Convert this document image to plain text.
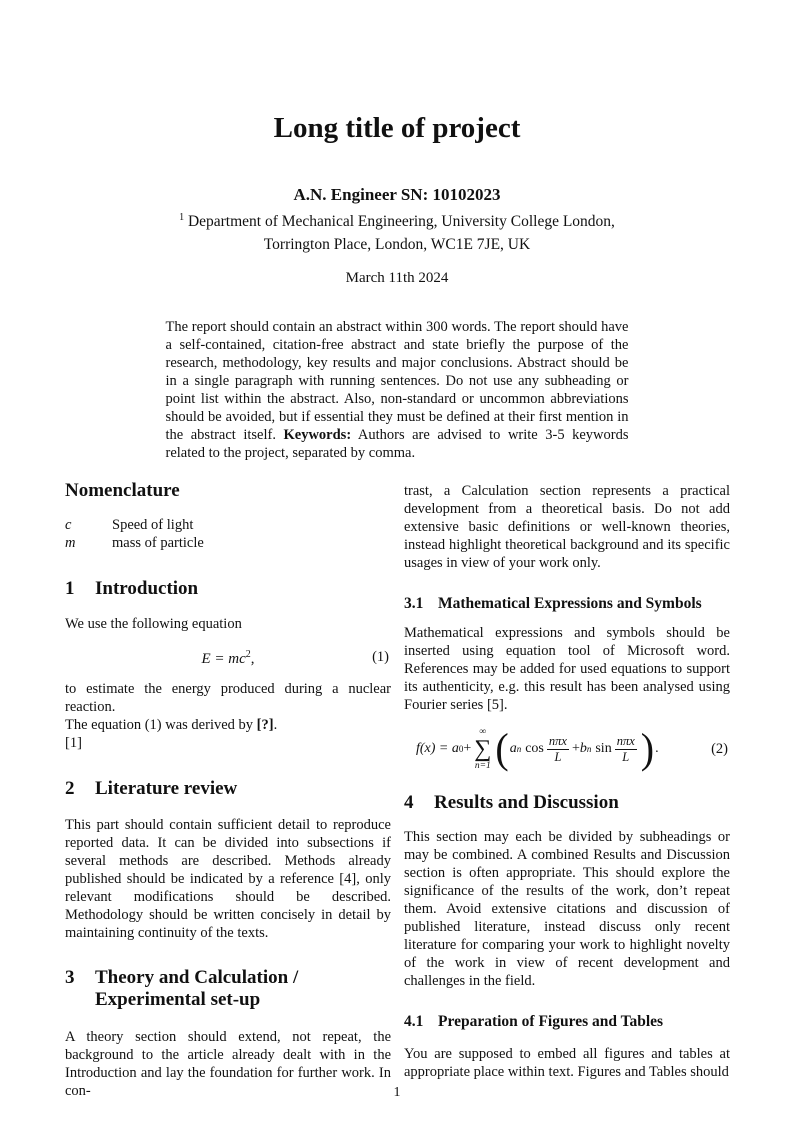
Long title of project
A.N. Engineer SN: 10102023
$^1$ Department of Mechanical Engineering, University College London,
Torrington Place, London, WC1E 7JE, UK
March 11th 2024
The report should contain an abstract within 300 words. The report should have a self-contained, citation-free abstract and state briefly the purpose of the research, methodology, key results and major conclusions. Abstract should be in a single paragraph with running sentences. Do not use any subheading or point list within the abstract. Also, non-standard or uncommon abbreviations should be avoided, but if essential they must be defined at their first mention in the abstract itself. Keywords: Authors are advised to write 3-5 keywords related to the project, separated by comma.
Nomenclature
c	Speed of light
m	mass of particle
1	Introduction
We use the following equation
$E = mc^2$,	(1)
to estimate the energy produced during a nuclear reaction.
The equation (1) was derived by [?].
[1]
2	Literature review
This part should contain sufficient detail to reproduce reported data. It can be divided into subsections if several methods are described. Methods already published should be indicated by a reference [4], only relevant modifications should be described. Methodology should be written concisely in detail by maintaining continuity of the texts.
3	Theory and Calculation / Experimental set-up
A theory section should extend, not repeat, the background to the article already dealt with in the Introduction and lay the foundation for further work. In con-
trast, a Calculation section represents a practical development from a theoretical basis. Do not add extensive basic definitions or well-known theories, instead highlight theoretical background and its specific usages in view of your work only.
3.1 Mathematical Expressions and Symbols
Mathematical expressions and symbols should be inserted using equation tool of Microsoft word. References may be added for used equations to support its authenticity, e.g. this result has been analysed using Fourier series [5].
f(x) = a 0 +
∞
∑
n=1 ( a n $\cos \frac{\text{nπx}}{L} + b$ n $\sin \frac{\text{nπx}}{L}$ ) .	(2)
4	Results and Discussion
This section may each be divided by subheadings or may be combined. A combined Results and Discussion section is often appropriate. This should explore the significance of the results of the work, don’t repeat them. Avoid extensive citations and discussion of published literature, instead discuss only recent literature for comparing your work to highlight novelty of the work in view of recent development and challenges in the field.
4.1 Preparation of Figures and Tables
You are supposed to embed all figures and tables at appropriate place within text. Figures and Tables should
1
